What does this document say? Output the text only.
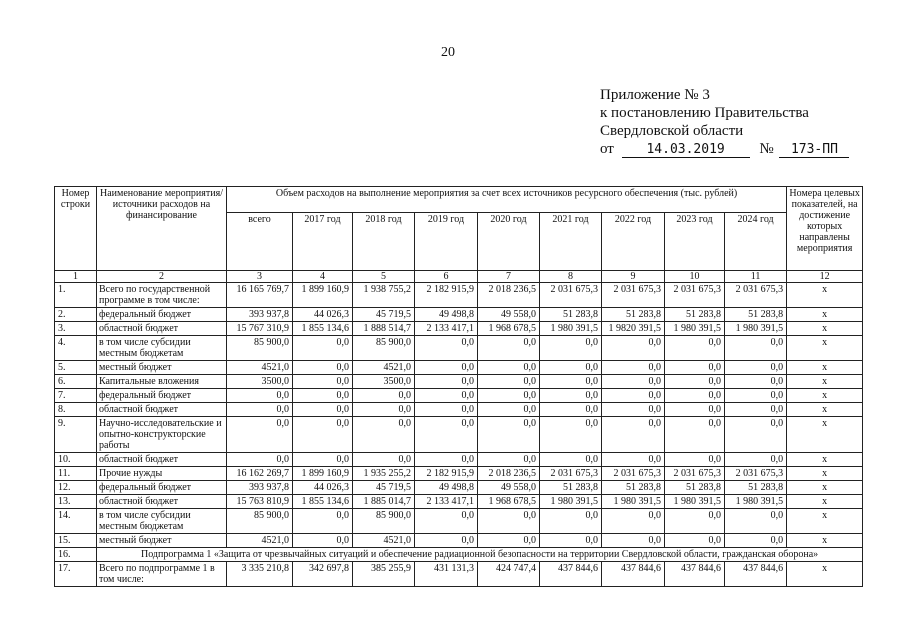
20
Приложение № 3
к постановлению Правительства
Свердловской области
от	14.03.2019 № 173-ПП
Номер строки	Наименование мероприятия/источники расходов на финансирование	Объем расходов на выполнение мероприятия за счет всех источников ресурсного обеспечения (тыс. рублей)									Номера целевых показателей, на достижение которых направлены мероприятия
		всего	2017 год	2018 год	2019 год	2020 год	2021 год	2022 год	2023 год	2024 год	
1	2	3	4	5	6	7	8	9	10	11	12
1.	Всего по государственной программе в том числе:	16 165 769,7	1 899 160,9	1 938 755,2	2 182 915,9	2 018 236,5	2 031 675,3	2 031 675,3	2 031 675,3	2 031 675,3	х
2.	федеральный бюджет	393 937,8	44 026,3	45 719,5	49 498,8	49 558,0	51 283,8	51 283,8	51 283,8	51 283,8	х
3.	областной бюджет	15 767 310,9	1 855 134,6	1 888 514,7	2 133 417,1	1 968 678,5	1 980 391,5	1 9820 391,5	1 980 391,5	1 980 391,5	х
4.	в том числе субсидии местным бюджетам	85 900,0	0,0	85 900,0	0,0	0,0	0,0	0,0	0,0	0,0	х
5.	местный бюджет	4521,0	0,0	4521,0	0,0	0,0	0,0	0,0	0,0	0,0	х
6.	Капитальные вложения	3500,0	0,0	3500,0	0,0	0,0	0,0	0,0	0,0	0,0	х
7.	федеральный бюджет	0,0	0,0	0,0	0,0	0,0	0,0	0,0	0,0	0,0	х
8.	областной бюджет	0,0	0,0	0,0	0,0	0,0	0,0	0,0	0,0	0,0	х
9.	Научно-исследовательские и опытно-конструкторские работы	0,0	0,0	0,0	0,0	0,0	0,0	0,0	0,0	0,0	х
10.	областной бюджет	0,0	0,0	0,0	0,0	0,0	0,0	0,0	0,0	0,0	х
11.	Прочие нужды	16 162 269,7	1 899 160,9	1 935 255,2	2 182 915,9	2 018 236,5	2 031 675,3	2 031 675,3	2 031 675,3	2 031 675,3	х
12.	федеральный бюджет	393 937,8	44 026,3	45 719,5	49 498,8	49 558,0	51 283,8	51 283,8	51 283,8	51 283,8	х
13.	областной бюджет	15 763 810,9	1 855 134,6	1 885 014,7	2 133 417,1	1 968 678,5	1 980 391,5	1 980 391,5	1 980 391,5	1 980 391,5	х
14.	в том числе субсидии местным бюджетам	85 900,0	0,0	85 900,0	0,0	0,0	0,0	0,0	0,0	0,0	х
15.	местный бюджет	4521,0	0,0	4521,0	0,0	0,0	0,0	0,0	0,0	0,0	х
16.	Подпрограмма 1 «Защита от чрезвычайных ситуаций и обеспечение радиационной безопасности на территории Свердловской области, гражданская оборона»										
17.	Всего по подпрограмме 1 в том числе:	3 335 210,8	342 697,8	385 255,9	431 131,3	424 747,4	437 844,6	437 844,6	437 844,6	437 844,6	х
